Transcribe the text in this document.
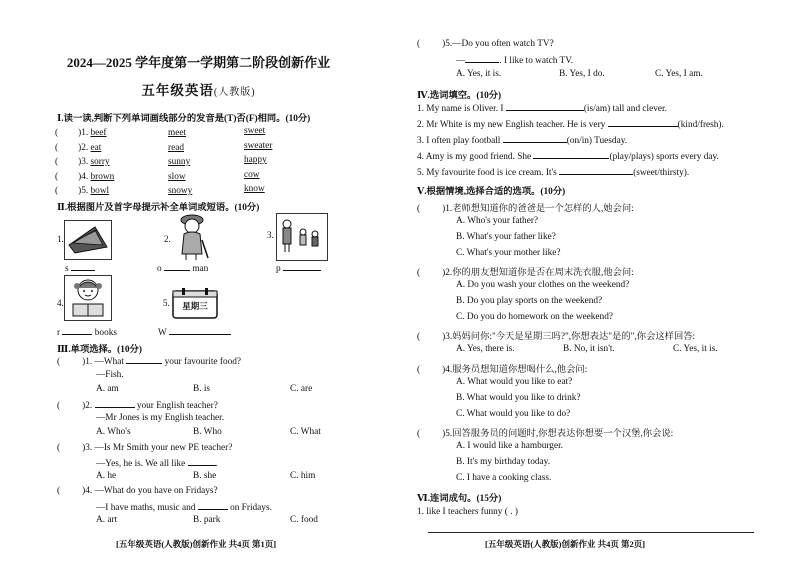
2024—2025 学年度第一学期第二阶段创新作业
五年级英语(人教版)
Ⅰ.读一读,判断下列单词画线部分的发音是(T)否(F)相同。(10分)
( )1. beef	meet	sweet
( )2. eat	read	sweater
( )3. sorry	sunny	happy
( )4. brown	slow	cow
( )5. bowl	snowy	know
Ⅱ.根据图片及首字母提示补全单词或短语。(10分)
1.	2.	3.
s	o	man	p
4.	5.	星期三
r	books	W
Ⅲ.单项选择。(10分)
( )1. —What	your favourite food?
—Fish.
A. am	B. is	C. are
( )2.	your English teacher?
—Mr Jones is my English teacher.
A. Who's	B. Who	C. What
( )3. —Is Mr Smith your new PE teacher?
—Yes, he is. We all like	.
A. he	B. she	C. him
( )4. —What do you have on Fridays?
—I have maths, music and	on Fridays.
A. art	B. park	C. food
[五年级英语(人教版)创新作业 共4页 第1页]
( )5.—Do you often watch TV?
—	. I like to watch TV.
A. Yes, it is.	B. Yes, I do.	C. Yes, I am.
Ⅳ.选词填空。(10分)
1. My name is Oliver. I	(is/am) tall and clever.
2. Mr White is my new English teacher. He is very	(kind/fresh).
3. I often play football	(on/in) Tuesday.
4. Amy is my good friend. She	(play/plays) sports every day.
5. My favourite food is ice cream. It's	(sweet/thirsty).
Ⅴ.根据情境,选择合适的选项。(10分)
( )1.老师想知道你的爸爸是一个怎样的人,她会问:
A. Who's your father?
B. What's your father like?
C. What's your mother like?
( )2.你的朋友想知道你是否在周末洗衣服,他会问:
A. Do you wash your clothes on the weekend?
B. Do you play sports on the weekend?
C. Do you do homework on the weekend?
( )3.妈妈问你:"今天是星期三吗?",你想表达"是的",你会这样回答:
A. Yes, there is.	B. No, it isn't.	C. Yes, it is.
( )4.服务员想知道你想喝什么,他会问:
A. What would you like to eat?
B. What would you like to drink?
C. What would you like to do?
( )5.回答服务员的问题时,你想表达你想要一个汉堡,你会说:
A. I would like a hamburger.
B. It's my birthday today.
C. I have a cooking class.
Ⅵ.连词成句。(15分)
1. like I teachers funny ( . )
[五年级英语(人教版)创新作业 共4页 第2页]
